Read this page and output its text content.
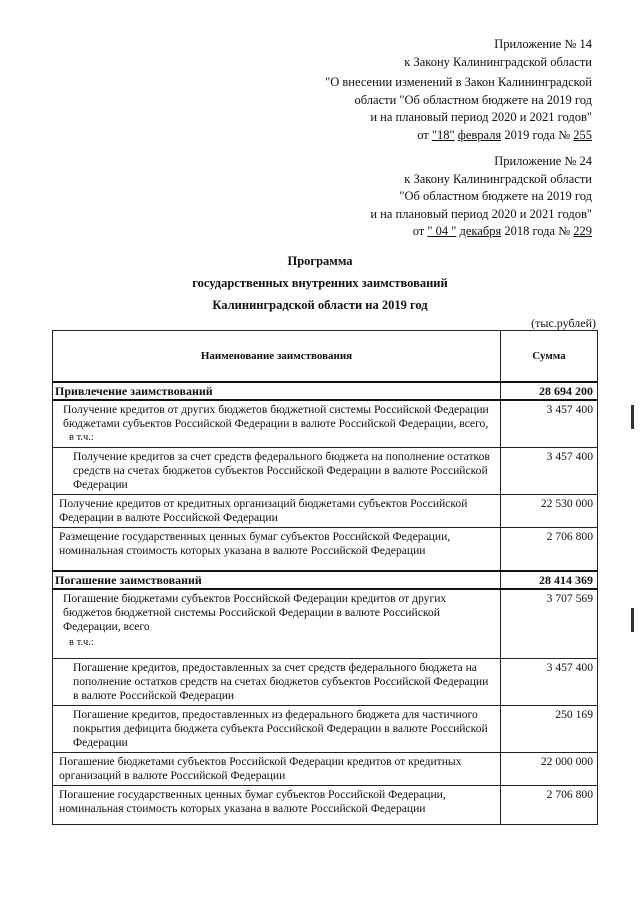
Приложение № 14
к Закону Калининградской области
"О внесении изменений в Закон Калининградской
области "Об областном бюджете на 2019 год
и на плановый период 2020 и 2021 годов"
от "18" февраля 2019 года № 255
Приложение № 24
к Закону Калининградской области
"Об областном бюджете на 2019 год
и на плановый период 2020 и 2021 годов"
от " 04 " декабря 2018 года № 229
Программа
государственных внутренних заимствований
Калининградской области на 2019 год
(тыс.рублей)
Наименование заимствования	Сумма
Привлечение заимствований	28 694 200
Получение кредитов от других бюджетов бюджетной системы Российской Федерации бюджетами субъектов Российской Федерации в валюте Российской Федерации, всего,
в т.ч.:	3 457 400
Получение кредитов за счет средств федерального бюджета на пополнение остатков средств на счетах бюджетов субъектов Российской Федерации в валюте Российской Федерации	3 457 400
Получение кредитов от кредитных организаций бюджетами субъектов Российской Федерации в валюте Российской Федерации	22 530 000
Размещение государственных ценных бумаг субъектов Российской Федерации, номинальная стоимость которых указана в валюте Российской Федерации	2 706 800
Погашение заимствований	28 414 369
Погашение бюджетами субъектов Российской Федерации кредитов от других бюджетов бюджетной системы Российской Федерации в валюте Российской Федерации, всего
в т.ч.:	3 707 569
Погашение кредитов, предоставленных за счет средств федерального бюджета на пополнение остатков средств на счетах бюджетов субъектов Российской Федерации в валюте Российской Федерации	3 457 400
Погашение кредитов, предоставленных из федерального бюджета для частичного покрытия дефицита бюджета субъекта Российской Федерации в валюте Российской Федерации	250 169
Погашение бюджетами субъектов Российской Федерации кредитов от кредитных организаций в валюте Российской Федерации	22 000 000
Погашение государственных ценных бумаг субъектов Российской Федерации, номинальная стоимость которых указана в валюте Российской Федерации	2 706 800
